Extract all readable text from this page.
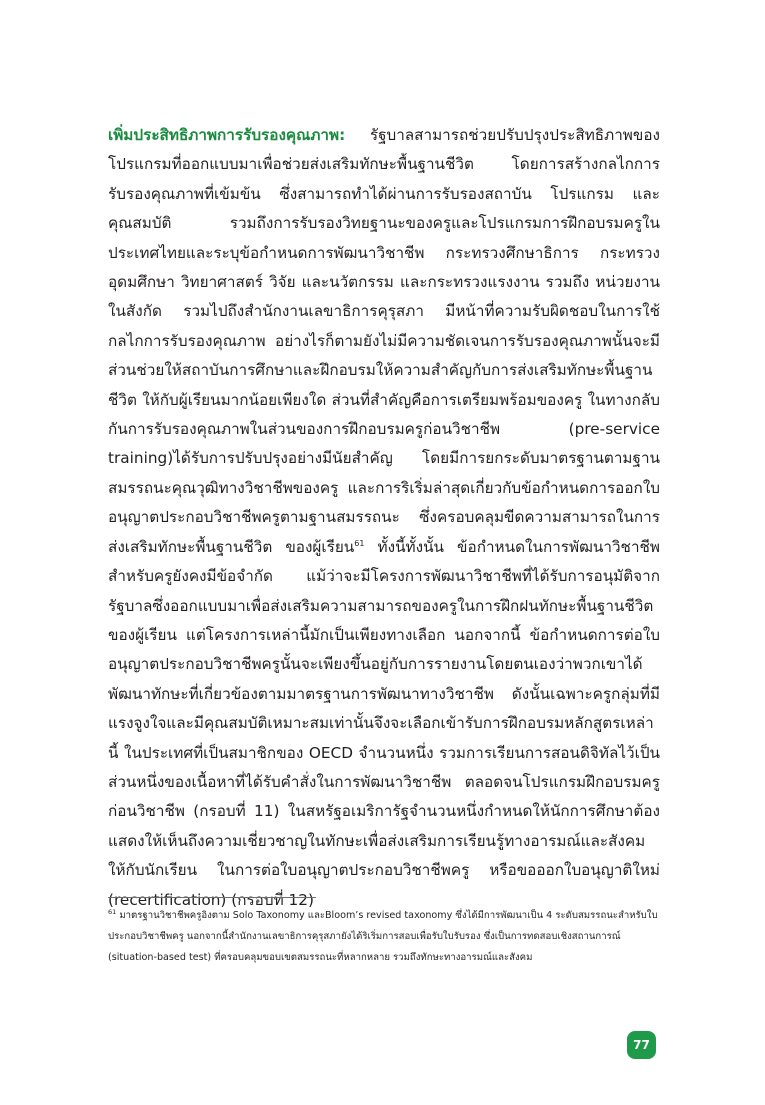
เพิ่มประสิทธิภาพการรับรองคุณภาพ: รัฐบาลสามารถช่วยปรับปรุงประสิทธิภาพของโปรแกรมที่ออกแบบมาเพื่อช่วยส่งเสริมทักษะพื้นฐานชีวิต โดยการสร้างกลไกการรับรองคุณภาพที่เข้มข้น ซึ่งสามารถทำได้ผ่านการรับรองสถาบัน โปรแกรม และคุณสมบัติ รวมถึงการรับรองวิทยฐานะของครูและโปรแกรมการฝึกอบรมครูในประเทศไทยและระบุข้อกำหนดการพัฒนาวิชาชีพ กระทรวงศึกษาธิการ กระทรวงอุดมศึกษา วิทยาศาสตร์ วิจัย และนวัตกรรม และกระทรวงแรงงาน รวมถึง หน่วยงานในสังกัด รวมไปถึงสำนักงานเลขาธิการคุรุสภา มีหน้าที่ความรับผิดชอบในการใช้กลไกการรับรองคุณภาพ อย่างไรก็ตามยังไม่มีความชัดเจนการรับรองคุณภาพนั้นจะมีส่วนช่วยให้สถาบันการศึกษาและฝึกอบรมให้ความสำคัญกับการส่งเสริมทักษะพื้นฐานชีวิต ให้กับผู้เรียนมากน้อยเพียงใด ส่วนที่สำคัญคือการเตรียมพร้อมของครู ในทางกลับกันการรับรองคุณภาพในส่วนของการฝึกอบรมครูก่อนวิชาชีพ (pre-service training)ได้รับการปรับปรุงอย่างมีนัยสำคัญ โดยมีการยกระดับมาตรฐานตามฐานสมรรถนะคุณวุฒิทางวิชาชีพของครู และการริเริ่มล่าสุดเกี่ยวกับข้อกำหนดการออกใบอนุญาตประกอบวิชาชีพครูตามฐานสมรรถนะ ซึ่งครอบคลุมขีดความสามารถในการส่งเสริมทักษะพื้นฐานชีวิต ของผู้เรียน$^{61}$ ทั้งนี้ทั้งนั้น ข้อกำหนดในการพัฒนาวิชาชีพสำหรับครูยังคงมีข้อจำกัด แม้ว่าจะมีโครงการพัฒนาวิชาชีพที่ได้รับการอนุมัติจากรัฐบาลซึ่งออกแบบมาเพื่อส่งเสริมความสามารถของครูในการฝึกฝนทักษะพื้นฐานชีวิต ของผู้เรียน แต่โครงการเหล่านี้มักเป็นเพียงทางเลือก นอกจากนี้ ข้อกำหนดการต่อใบอนุญาตประกอบวิชาชีพครูนั้นจะเพียงขึ้นอยู่กับการรายงานโดยตนเองว่าพวกเขาได้พัฒนาทักษะที่เกี่ยวข้องตามมาตรฐานการพัฒนาทางวิชาชีพ ดังนั้นเฉพาะครูกลุ่มที่มีแรงจูงใจและมีคุณสมบัติเหมาะสมเท่านั้นจึงจะเลือกเข้ารับการฝึกอบรมหลักสูตรเหล่านี้ ในประเทศที่เป็นสมาชิกของ OECD จำนวนหนึ่ง รวมการเรียนการสอนดิจิทัลไว้เป็นส่วนหนึ่งของเนื้อหาที่ได้รับคำสั่งในการพัฒนาวิชาชีพ ตลอดจนโปรแกรมฝึกอบรมครูก่อนวิชาชีพ (กรอบที่ 11) ในสหรัฐอเมริการัฐจำนวนหนึ่งกำหนดให้นักการศึกษาต้องแสดงให้เห็นถึงความเชี่ยวชาญในทักษะเพื่อส่งเสริมการเรียนรู้ทางอารมณ์และสังคม ให้กับนักเรียน ในการต่อใบอนุญาตประกอบวิชาชีพครู หรือขอออกใบอนุญาติใหม่ (recertification) (กรอบที่ 12)
$^{61}$ มาตรฐานวิชาชีพครูอิงตาม Solo Taxonomy และBloom’s revised taxonomy ซึ่งได้มีการพัฒนาเป็น 4 ระดับสมรรถนะสำหรับใบประกอบวิชาชีพครู นอกจากนี้สำนักงานเลขาธิการคุรุสภายังได้ริเริ่มการสอบเพื่อรับใบรับรอง ซึ่งเป็นการทดสอบเชิงสถานการณ์ (situation-based test) ที่ครอบคลุมขอบเขตสมรรถนะที่หลากหลาย รวมถึงทักษะทางอารมณ์และสังคม
77
